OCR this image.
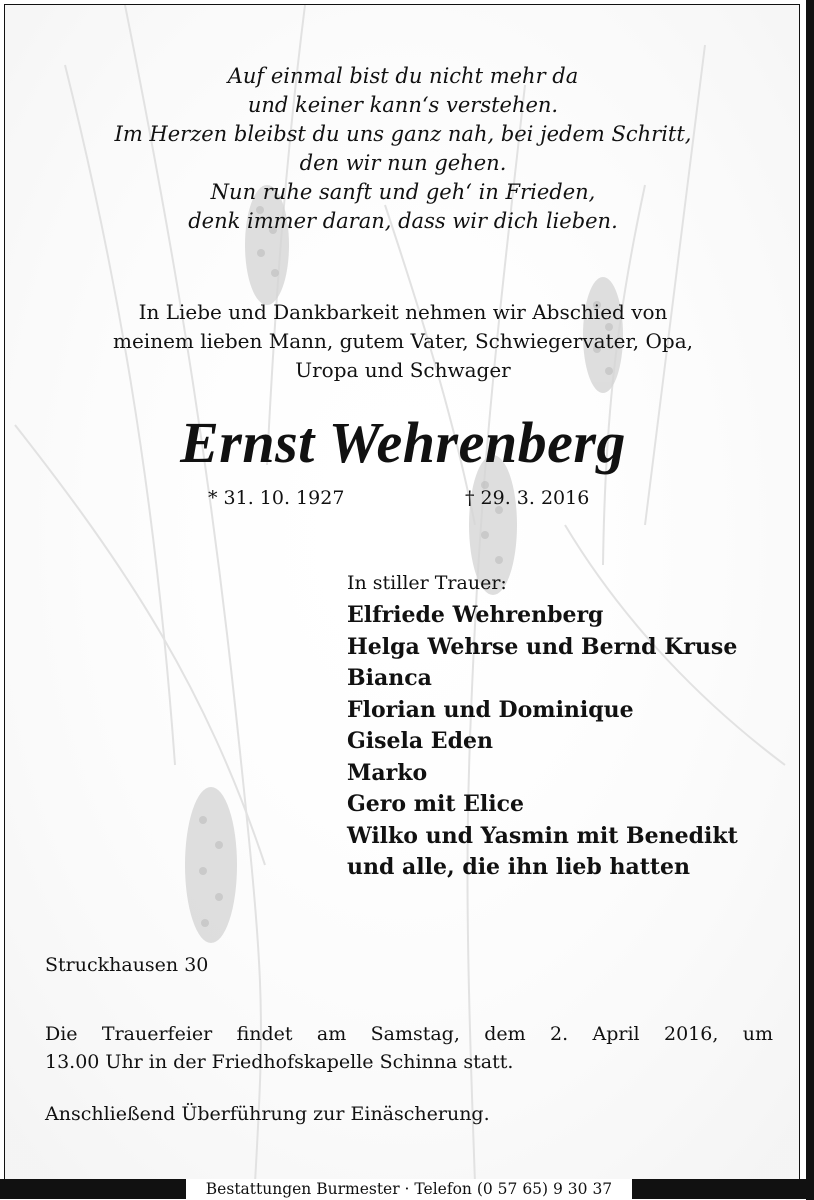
Auf einmal bist du nicht mehr da
und keiner kann‘s verstehen.
Im Herzen bleibst du uns ganz nah, bei jedem Schritt,
den wir nun gehen.
Nun ruhe sanft und geh‘ in Frieden,
denk immer daran, dass wir dich lieben.
In Liebe und Dankbarkeit nehmen wir Abschied von
meinem lieben Mann, gutem Vater, Schwiegervater, Opa,
Uropa und Schwager
Ernst Wehrenberg
* 31. 10. 1927	† 29. 3. 2016
In stiller Trauer:
Elfriede Wehrenberg
Helga Wehrse und Bernd Kruse
Bianca
Florian und Dominique
Gisela Eden
Marko
Gero mit Elice
Wilko und Yasmin mit Benedikt
und alle, die ihn lieb hatten
Struckhausen 30
Die Trauerfeier findet am Samstag, dem 2. April 2016, um
13.00 Uhr in der Friedhofskapelle Schinna statt.
Anschließend Überführung zur Einäscherung.
Bestattungen Burmester · Telefon (0 57 65) 9 30 37
